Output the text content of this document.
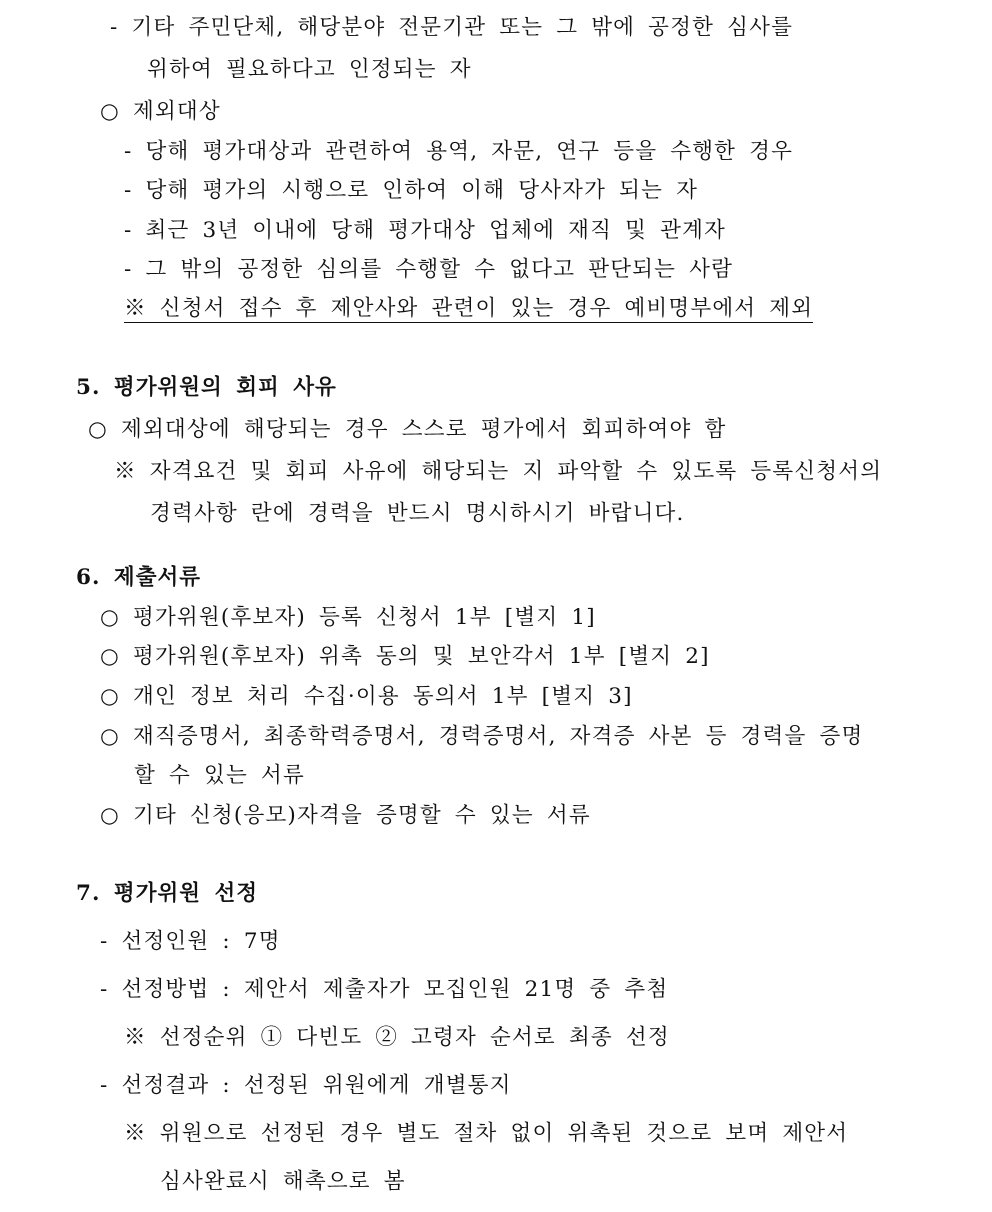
- 기타 주민단체, 해당분야 전문기관 또는 그 밖에 공정한 심사를
위하여 필요하다고 인정되는 자
○ 제외대상
- 당해 평가대상과 관련하여 용역, 자문, 연구 등을 수행한 경우
- 당해 평가의 시행으로 인하여 이해 당사자가 되는 자
- 최근 3년 이내에 당해 평가대상 업체에 재직 및 관계자
- 그 밖의 공정한 심의를 수행할 수 없다고 판단되는 사람
※ 신청서 접수 후 제안사와 관련이 있는 경우 예비명부에서 제외
5. 평가위원의 회피 사유
○ 제외대상에 해당되는 경우 스스로 평가에서 회피하여야 함
※ 자격요건 및 회피 사유에 해당되는 지 파악할 수 있도록 등록신청서의
경력사항 란에 경력을 반드시 명시하시기 바랍니다.
6. 제출서류
○ 평가위원(후보자) 등록 신청서 1부 [별지 1]
○ 평가위원(후보자) 위촉 동의 및 보안각서 1부 [별지 2]
○ 개인 정보 처리 수집·이용 동의서 1부 [별지 3]
○ 재직증명서, 최종학력증명서, 경력증명서, 자격증 사본 등 경력을 증명
할 수 있는 서류
○ 기타 신청(응모)자격을 증명할 수 있는 서류
7. 평가위원 선정
- 선정인원 : 7명
- 선정방법 : 제안서 제출자가 모집인원 21명 중 추첨
※ 선정순위 ① 다빈도 ② 고령자 순서로 최종 선정
- 선정결과 : 선정된 위원에게 개별통지
※ 위원으로 선정된 경우 별도 절차 없이 위촉된 것으로 보며 제안서
심사완료시 해촉으로 봄
